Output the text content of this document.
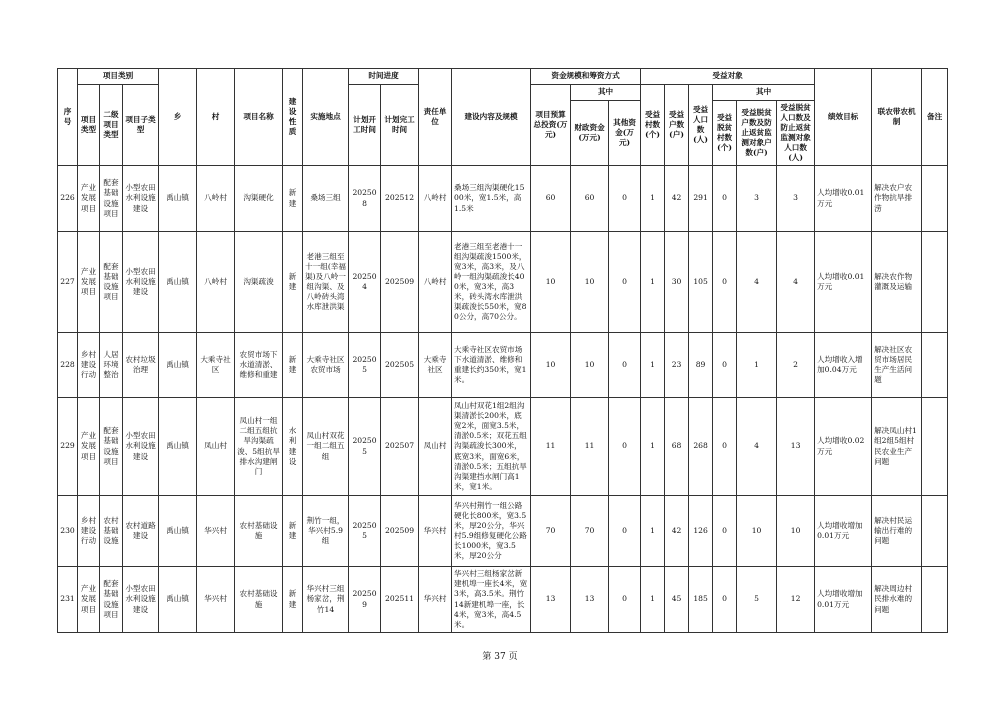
序号	项目类别			乡	村	项目名称	建设性质	实施地点	时间进度		责任单位	建设内容及规模	资金规模和筹资方式			受益对象						绩效目标	联农带农机制	备注
	项目类型	二级项目类型	项目子类型						计划开工时间	计划完工时间			项目预算总投资(万元)	其中		受益村数(个)	受益户数(户)	受益人口数(人)	其中					
														财政资金(万元)	其他资金(万元)				受益脱贫村数(个)	受益脱贫户数及防止返贫监测对象户数(户)	受益脱贫人口数及防止返贫监测对象人口数(人)			
226	产业发展项目	配套基础设施项目	小型农田水利设施建设	禹山镇	八岭村	沟渠硬化	新建	桑场三组	202508	202512	八岭村	桑场三组沟渠硬化1500米，宽1.5米，高1.5米	60	60	0	1	42	291	0	3	3	人均增收0.01万元	解决农户农作物抗旱排涝	
227	产业发展项目	配套基础设施项目	小型农田水利设施建设	禹山镇	八岭村	沟渠疏浚	新建	老港三组至十一组(幸福渠)及八岭一组沟渠、及八岭砖头湾水库泄洪渠	202504	202509	八岭村	老港三组至老港十一组沟渠疏浚1500米，宽3米，高3米，及八岭一组沟渠疏浚长400米，宽3米，高3米，砖头湾水库泄洪渠疏浚长550米，宽80公分，高70公分。	10	10	0	1	30	105	0	4	4	人均增收0.01万元	解决农作物灌溉及运输	
228	乡村建设行动	人居环境整治	农村垃圾治理	禹山镇	大乘寺社区	农贸市场下水道清淤、维修和重建	新建	大乘寺社区农贸市场	202505	202505	大乘寺社区	大乘寺社区农贸市场下水道清淤、维修和重建长约350米，宽1米。	10	10	0	1	23	89	0	1	2	人均增收入增加0.04万元	解决社区农贸市场居民生产生活问题	
229	产业发展项目	配套基础设施项目	小型农田水利设施建设	禹山镇	凤山村	凤山村一组二组五组抗旱沟渠疏浚、5组抗旱排水沟建闸门	水利建设	凤山村双花一组二组五组	202505	202507	凤山村	凤山村双花1组2组沟渠清淤长200米，底宽2米，面宽3.5米，清淤0.5米；双花五组沟渠疏浚长300米，底宽3米，面宽6米，清淤0.5米；五组抗旱沟渠建挡水闸门高1米，宽1米。	11	11	0	1	68	268	0	4	13	人均增收0.02万元	解决凤山村1组2组5组村民农业生产问题	
230	乡村建设行动	农村基础设施	农村道路建设	禹山镇	华兴村	农村基础设施	新建	荆竹一组，华兴村5.9组	202505	202509	华兴村	华兴村荆竹一组公路硬化长800米，宽3.5米，厚20公分，华兴村5.9组修复硬化公路长1000米，宽3.5米，厚20公分	70	70	0	1	42	126	0	10	10	人均增收增加0.01万元	解决村民运输出行难的问题	
231	产业发展项目	配套基础设施项目	小型农田水利设施建设	禹山镇	华兴村	农村基础设施	新建	华兴村三组杨家岔，荆竹14	202509	202511	华兴村	华兴村三组杨家岔新建机埠一座长4米，宽3米，高3.5米。荆竹14新建机埠一座，长4米，宽3米，高4.5米。	13	13	0	1	45	185	0	5	12	人均增收增加0.01万元	解决周边村民排水难的问题	
第 37 页
